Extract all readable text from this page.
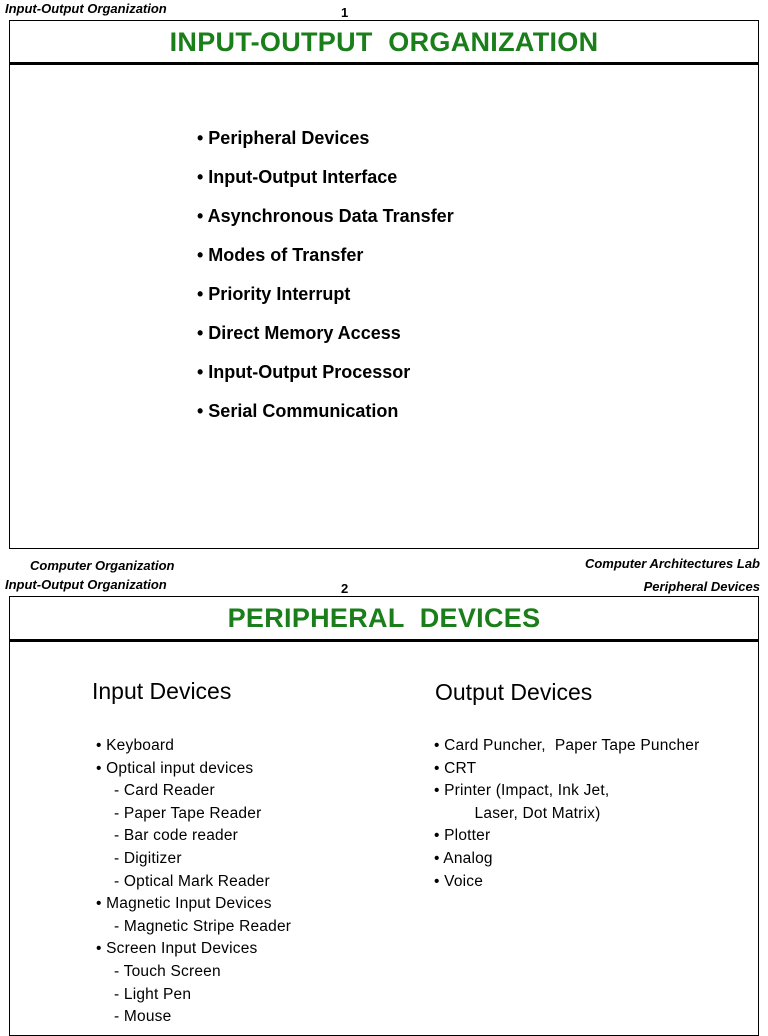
Input-Output Organization	1
INPUT-OUTPUT  ORGANIZATION
• Peripheral Devices
• Input-Output Interface
• Asynchronous Data Transfer
• Modes of Transfer
• Priority Interrupt
• Direct Memory Access
• Input-Output Processor
• Serial Communication
Computer Organization	Computer Architectures Lab
Input-Output Organization	2	Peripheral Devices
PERIPHERAL  DEVICES
Input Devices
• Keyboard
• Optical input devices
- Card Reader
- Paper Tape Reader
- Bar code reader
- Digitizer
- Optical Mark Reader
• Magnetic Input Devices
- Magnetic Stripe Reader
• Screen Input Devices
- Touch Screen
- Light Pen
- Mouse
Output Devices
• Card Puncher,  Paper Tape Puncher
• CRT
• Printer (Impact, Ink Jet,
Laser, Dot Matrix)
• Plotter
• Analog
• Voice
